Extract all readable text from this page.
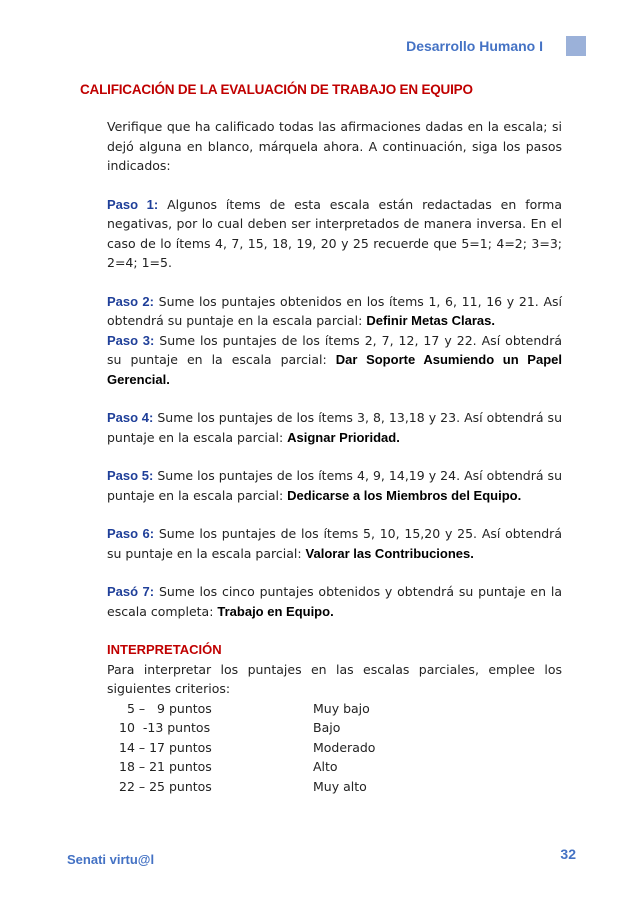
Desarrollo Humano I
CALIFICACIÓN DE LA EVALUACIÓN DE TRABAJO EN EQUIPO

Verifique que ha calificado todas las afirmaciones dadas en la escala; si dejó alguna en blanco, márquela ahora. A continuación, siga los pasos indicados:

Paso 1: Algunos ítems de esta escala están redactadas en forma negativas, por lo cual deben ser interpretados de manera inversa. En el caso de lo ítems 4, 7, 15, 18, 19, 20 y 25 recuerde que 5=1; 4=2; 3=3; 2=4; 1=5.

Paso 2: Sume los puntajes obtenidos en los ítems 1, 6, 11, 16 y 21. Así obtendrá su puntaje en la escala parcial: Definir Metas Claras.

Paso 3: Sume los puntajes de los ítems 2, 7, 12, 17 y 22. Así obtendrá su puntaje en la escala parcial: Dar Soporte Asumiendo un Papel Gerencial.

Paso 4: Sume los puntajes de los ítems 3, 8, 13,18 y 23. Así obtendrá su puntaje en la escala parcial: Asignar Prioridad.

Paso 5: Sume los puntajes de los ítems 4, 9, 14,19 y 24. Así obtendrá su puntaje en la escala parcial: Dedicarse a los Miembros del Equipo.

Paso 6: Sume los puntajes de los ítems 5, 10, 15,20 y 25. Así obtendrá su puntaje en la escala parcial: Valorar las Contribuciones.

Pasó 7: Sume los cinco puntajes obtenidos y obtendrá su puntaje en la escala completa: Trabajo en Equipo.

INTERPRETACIÓN

Para interpretar los puntajes en las escalas parciales, emplee los siguientes criterios:

5 –   9 puntos	Muy bajo
10  -13 puntos	Bajo
14 – 17 puntos	Moderado
18 – 21 puntos	Alto
22 – 25 puntos	Muy alto
Senati virtu@l	32
